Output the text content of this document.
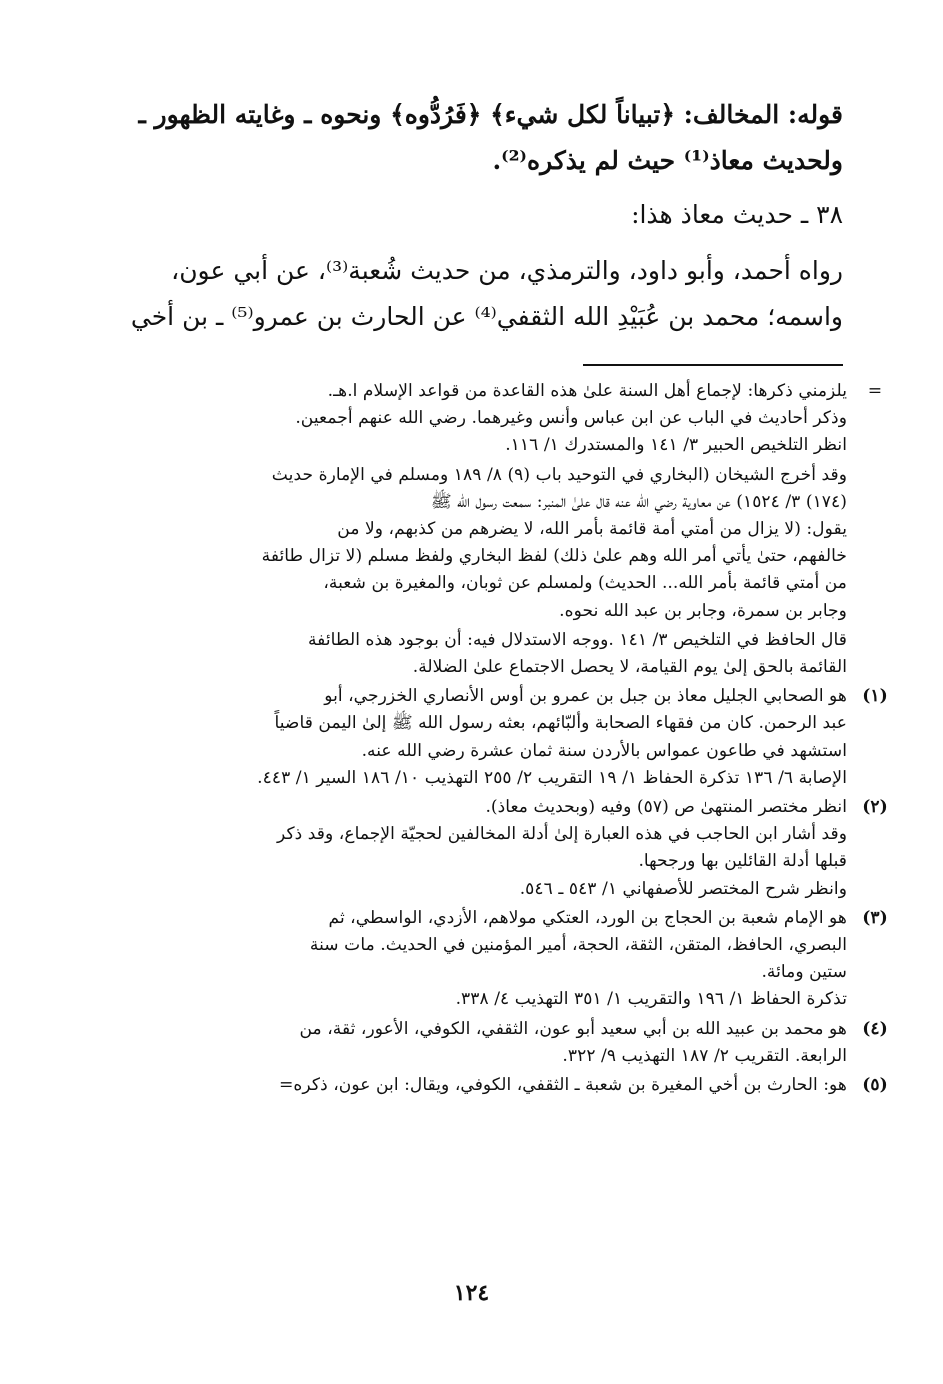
قوله: المخالف: ﴿تبياناً لكل شيء﴾ ﴿فَرُدُّوه﴾ ونحوه ـ وغايته الظهور ـ
ولحديث معاذ⁽¹⁾ حيث لم يذكره⁽²⁾.
٣٨ ـ حديث معاذ هذا:
رواه أحمد، وأبو داود، والترمذي، من حديث شُعبة⁽³⁾، عن أبي عون،
واسمه؛ محمد بن عُبَيْدِ الله الثقفي⁽⁴⁾ عن الحارث بن عمرو⁽⁵⁾ ـ بن أخي
=
يلزمني ذكرها: لإجماع أهل السنة علىٰ هذه القاعدة من قواعد الإسلام ا.هـ.
وذكر أحاديث في الباب عن ابن عباس وأنس وغيرهما. رضي الله عنهم أجمعين.
انظر التلخيص الحبير ٣/ ١٤١ والمستدرك ١/ ١١٦.
وقد أخرج الشيخان (البخاري في التوحيد باب (٩) ٨/ ١٨٩ ومسلم في الإمارة حديث
(١٧٤) ٣/ ١٥٢٤) عن معاوية رضي الله عنه قال علىٰ المنبر: سمعت رسول الله ﷺ
يقول: (لا يزال من أمتي أمة قائمة بأمر الله، لا يضرهم من كذبهم، ولا من
خالفهم، حتىٰ يأتي أمر الله وهم علىٰ ذلك) لفظ البخاري ولفظ مسلم (لا تزال طائفة
من أمتي قائمة بأمر الله... الحديث) ولمسلم عن ثوبان، والمغيرة بن شعبة،
وجابر بن سمرة، وجابر بن عبد الله نحوه.
قال الحافظ في التلخيص ٣/ ١٤١ .ووجه الاستدلال فيه: أن بوجود هذه الطائفة
القائمة بالحق إلىٰ يوم القيامة، لا يحصل الاجتماع علىٰ الضلالة.
(١)
هو الصحابي الجليل معاذ بن جبل بن عمرو بن أوس الأنصاري الخزرجي، أبو
عبد الرحمن. كان من فقهاء الصحابة وألبّائهم، بعثه رسول الله ﷺ إلىٰ اليمن قاضياً
استشهد في طاعون عمواس بالأردن سنة ثمان عشرة رضي الله عنه.
الإصابة ٦/ ١٣٦ تذكرة الحفاظ ١/ ١٩ التقريب ٢/ ٢٥٥ التهذيب ١٠/ ١٨٦ السير ١/ ٤٤٣.
(٢)
انظر مختصر المنتهىٰ ص (٥٧) وفيه (وبحديث معاذ).
وقد أشار ابن الحاجب في هذه العبارة إلىٰ أدلة المخالفين لحجيّة الإجماع، وقد ذكر
قبلها أدلة القائلين بها ورجحها.
وانظر شرح المختصر للأصفهاني ١/ ٥٤٣ ـ ٥٤٦.
(٣)
هو الإمام شعبة بن الحجاج بن الورد، العتكي مولاهم، الأزدي، الواسطي، ثم
البصري، الحافظ، المتقن، الثقة، الحجة، أمير المؤمنين في الحديث. مات سنة
ستين ومائة.
تذكرة الحفاظ ١/ ١٩٦ والتقريب ١/ ٣٥١ التهذيب ٤/ ٣٣٨.
(٤)
هو محمد بن عبيد الله بن أبي سعيد أبو عون، الثقفي، الكوفي، الأعور، ثقة، من
الرابعة. التقريب ٢/ ١٨٧ التهذيب ٩/ ٣٢٢.
(٥)
هو: الحارث بن أخي المغيرة بن شعبة ـ الثقفي، الكوفي، ويقال: ابن عون، ذكره=
١٢٤
